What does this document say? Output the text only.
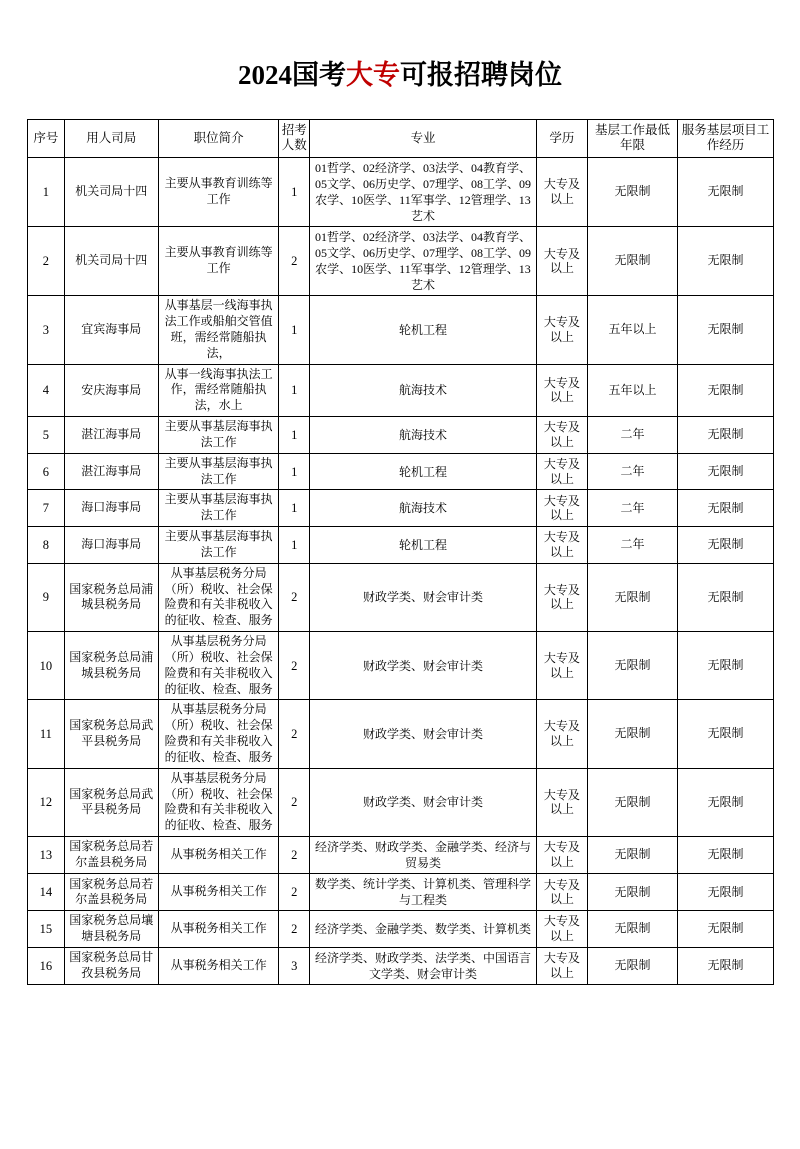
2024国考大专可报招聘岗位
序号	用人司局	职位简介	招考人数	专业	学历	基层工作最低年限	服务基层项目工作经历
1	机关司局十四	主要从事教育训练等工作	1	01哲学、02经济学、03法学、04教育学、05文学、06历史学、07理学、08工学、09农学、10医学、11军事学、12管理学、13艺术	大专及以上	无限制	无限制
2	机关司局十四	主要从事教育训练等工作	2	01哲学、02经济学、03法学、04教育学、05文学、06历史学、07理学、08工学、09农学、10医学、11军事学、12管理学、13艺术	大专及以上	无限制	无限制
3	宜宾海事局	从事基层一线海事执法工作或船舶交管值班，需经常随船执法，	1	轮机工程	大专及以上	五年以上	无限制
4	安庆海事局	从事一线海事执法工作，需经常随船执法，水上	1	航海技术	大专及以上	五年以上	无限制
5	湛江海事局	主要从事基层海事执法工作	1	航海技术	大专及以上	二年	无限制
6	湛江海事局	主要从事基层海事执法工作	1	轮机工程	大专及以上	二年	无限制
7	海口海事局	主要从事基层海事执法工作	1	航海技术	大专及以上	二年	无限制
8	海口海事局	主要从事基层海事执法工作	1	轮机工程	大专及以上	二年	无限制
9	国家税务总局浦城县税务局	从事基层税务分局（所）税收、社会保险费和有关非税收入的征收、检查、服务	2	财政学类、财会审计类	大专及以上	无限制	无限制
10	国家税务总局浦城县税务局	从事基层税务分局（所）税收、社会保险费和有关非税收入的征收、检查、服务	2	财政学类、财会审计类	大专及以上	无限制	无限制
11	国家税务总局武平县税务局	从事基层税务分局（所）税收、社会保险费和有关非税收入的征收、检查、服务	2	财政学类、财会审计类	大专及以上	无限制	无限制
12	国家税务总局武平县税务局	从事基层税务分局（所）税收、社会保险费和有关非税收入的征收、检查、服务	2	财政学类、财会审计类	大专及以上	无限制	无限制
13	国家税务总局若尔盖县税务局	从事税务相关工作	2	经济学类、财政学类、金融学类、经济与贸易类	大专及以上	无限制	无限制
14	国家税务总局若尔盖县税务局	从事税务相关工作	2	数学类、统计学类、计算机类、管理科学与工程类	大专及以上	无限制	无限制
15	国家税务总局壤塘县税务局	从事税务相关工作	2	经济学类、金融学类、数学类、计算机类	大专及以上	无限制	无限制
16	国家税务总局甘孜县税务局	从事税务相关工作	3	经济学类、财政学类、法学类、中国语言文学类、财会审计类	大专及以上	无限制	无限制
